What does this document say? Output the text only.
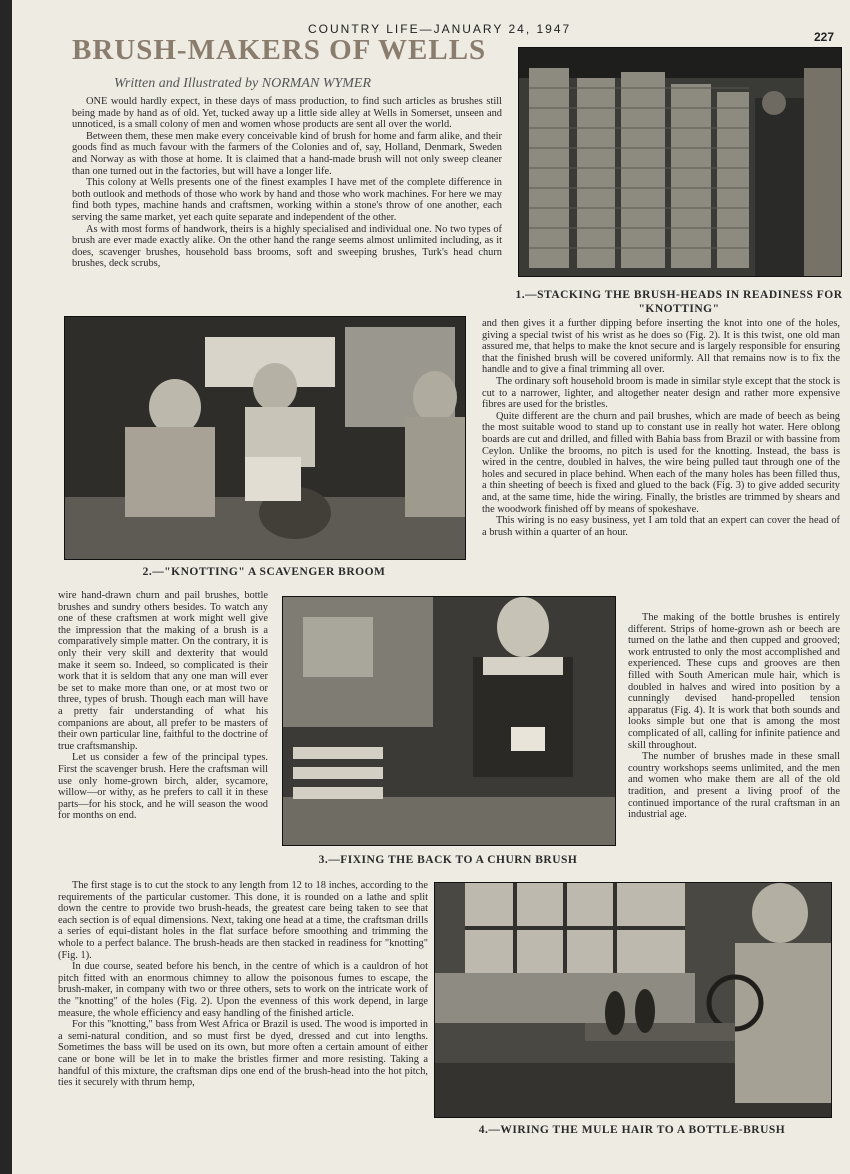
COUNTRY LIFE—JANUARY 24, 1947
227
BRUSH-MAKERS OF WELLS
Written and Illustrated by NORMAN WYMER

ONE would hardly expect, in these days of mass production, to find such articles as brushes still being made by hand as of old. Yet, tucked away up a little side alley at Wells in Somerset, unseen and unnoticed, is a small colony of men and women whose products are sent all over the world.

Between them, these men make every conceivable kind of brush for home and farm alike, and their goods find as much favour with the farmers of the Colonies and of, say, Holland, Denmark, Sweden and Norway as with those at home. It is claimed that a hand-made brush will not only sweep cleaner than one turned out in the factories, but will have a longer life.

This colony at Wells presents one of the finest examples I have met of the complete difference in both outlook and methods of those who work by hand and those who work machines. For here we may find both types, machine hands and craftsmen, working within a stone's throw of one another, each serving the same market, yet each quite separate and independent of the other.

As with most forms of handwork, theirs is a highly specialised and individual one. No two types of brush are ever made exactly alike. On the other hand the range seems almost unlimited including, as it does, scavenger brushes, household bass brooms, soft and sweeping brushes, Turk's head churn brushes, deck scrubs,

1.—STACKING THE BRUSH-HEADS IN READINESS FOR "KNOTTING"
2.—"KNOTTING" A SCAVENGER BROOM

and then gives it a further dipping before inserting the knot into one of the holes, giving a special twist of his wrist as he does so (Fig. 2). It is this twist, one old man assured me, that helps to make the knot secure and is largely responsible for ensuring that the finished brush will be covered uniformly. All that remains now is to fix the handle and to give a final trimming all over.

The ordinary soft household broom is made in similar style except that the stock is cut to a narrower, lighter, and altogether neater design and rather more expensive fibres are used for the bristles.

Quite different are the churn and pail brushes, which are made of beech as being the most suitable wood to stand up to constant use in really hot water. Here oblong boards are cut and drilled, and filled with Bahia bass from Brazil or with bassine from Ceylon. Unlike the brooms, no pitch is used for the knotting. Instead, the bass is wired in the centre, doubled in halves, the wire being pulled taut through one of the holes and secured in place behind. When each of the many holes has been filled thus, a thin sheeting of beech is fixed and glued to the back (Fig. 3) to give added security and, at the same time, hide the wiring. Finally, the bristles are trimmed by shears and the woodwork finished off by means of spokeshave.

This wiring is no easy business, yet I am told that an expert can cover the head of a brush within a quarter of an hour.

wire hand-drawn churn and pail brushes, bottle brushes and sundry others besides. To watch any one of these craftsmen at work might well give the impression that the making of a brush is a comparatively simple matter. On the contrary, it is only their very skill and dexterity that would make it seem so. Indeed, so complicated is their work that it is seldom that any one man will ever be set to make more than one, or at most two or three, types of brush. Though each man will have a pretty fair understanding of what his companions are about, all prefer to be masters of their own particular line, faithful to the doctrine of true craftsmanship.

Let us consider a few of the principal types. First the scavenger brush. Here the craftsman will use only home-grown birch, alder, sycamore, willow—or withy, as he prefers to call it in these parts—for his stock, and he will season the wood for months on end.

3.—FIXING THE BACK TO A CHURN BRUSH

The making of the bottle brushes is entirely different. Strips of home-grown ash or beech are turned on the lathe and then cupped and grooved; work entrusted to only the most accomplished and experienced. These cups and grooves are then filled with South American mule hair, which is doubled in halves and wired into position by a cunningly devised hand-propelled tension apparatus (Fig. 4). It is work that both sounds and looks simple but one that is among the most complicated of all, calling for infinite patience and skill throughout.

The number of brushes made in these small country workshops seems unlimited, and the men and women who make them are all of the old tradition, and present a living proof of the continued importance of the rural craftsman in an industrial age.

The first stage is to cut the stock to any length from 12 to 18 inches, according to the requirements of the particular customer. This done, it is rounded on a lathe and split down the centre to provide two brush-heads, the greatest care being taken to see that each section is of equal dimensions. Next, taking one head at a time, the craftsman drills a series of equi-distant holes in the flat surface before smoothing and trimming the whole to a perfect balance. The brush-heads are then stacked in readiness for "knotting" (Fig. 1).

In due course, seated before his bench, in the centre of which is a cauldron of hot pitch fitted with an enormous chimney to allow the poisonous fumes to escape, the brush-maker, in company with two or three others, sets to work on the intricate work of the "knotting" of the holes (Fig. 2). Upon the evenness of this work depend, in large measure, the whole efficiency and easy handling of the finished article.

For this "knotting," bass from West Africa or Brazil is used. The wood is imported in a semi-natural condition, and so must first be dyed, dressed and cut into lengths. Sometimes the bass will be used on its own, but more often a certain amount of either cane or bone will be let in to make the bristles firmer and more resisting. Taking a handful of this mixture, the craftsman dips one end of the brush-head into the hot pitch, ties it securely with thrum hemp,

4.—WIRING THE MULE HAIR TO A BOTTLE-BRUSH
